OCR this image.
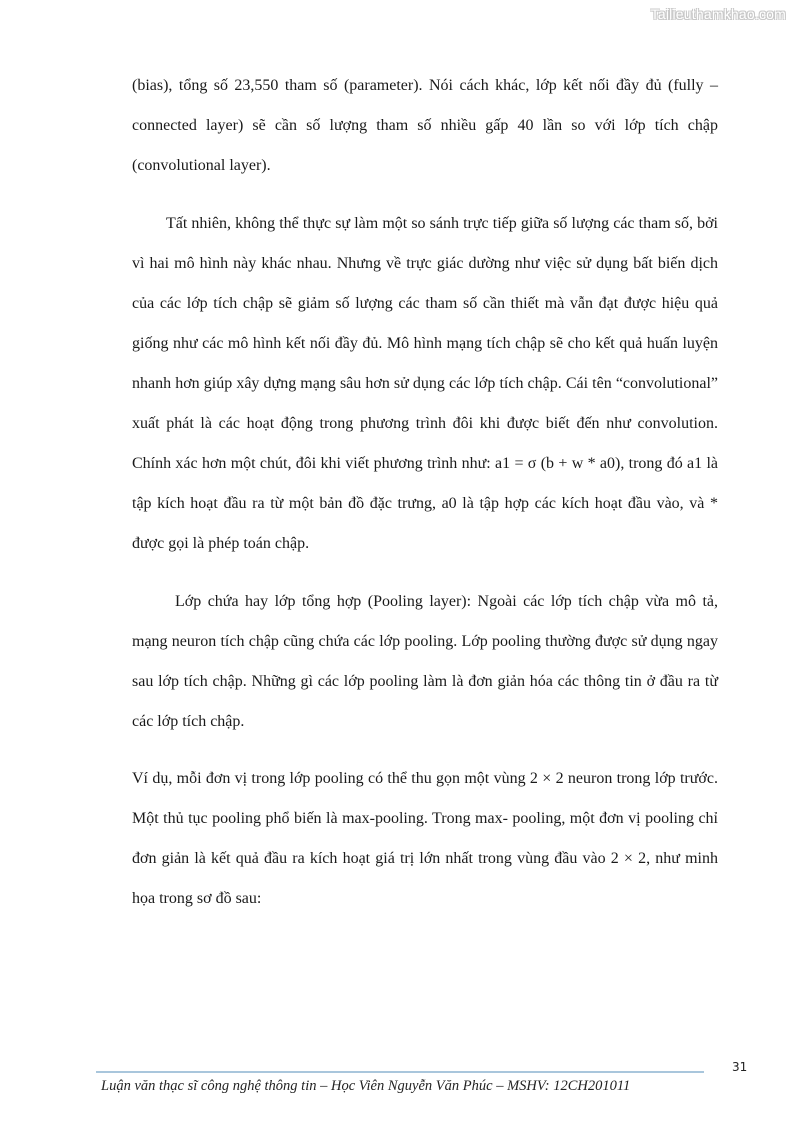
Tailieuthamkhao.com

(bias), tổng số 23,550 tham số (parameter). Nói cách khác, lớp kết nối đầy đủ (fully – connected layer) sẽ cần số lượng tham số nhiều gấp 40 lần so với lớp tích chập (convolutional layer).

Tất nhiên, không thể thực sự làm một so sánh trực tiếp giữa số lượng các tham số, bởi vì hai mô hình này khác nhau. Nhưng về trực giác dường như việc sử dụng bất biến dịch của các lớp tích chập sẽ giảm số lượng các tham số cần thiết mà vẫn đạt được hiệu quả giống như các mô hình kết nối đầy đủ. Mô hình mạng tích chập sẽ cho kết quả huấn luyện nhanh hơn giúp xây dựng mạng sâu hơn sử dụng các lớp tích chập. Cái tên “convolutional” xuất phát là các hoạt động trong phương trình đôi khi được biết đến như convolution. Chính xác hơn một chút, đôi khi viết phương trình như: a1 = σ (b + w * a0), trong đó a1 là tập kích hoạt đầu ra từ một bản đồ đặc trưng, a0 là tập hợp các kích hoạt đầu vào, và * được gọi là phép toán chập.

Lớp chứa hay lớp tổng hợp (Pooling layer): Ngoài các lớp tích chập vừa mô tả, mạng neuron tích chập cũng chứa các lớp pooling. Lớp pooling thường được sử dụng ngay sau lớp tích chập. Những gì các lớp pooling làm là đơn giản hóa các thông tin ở đầu ra từ các lớp tích chập.

Ví dụ, mỗi đơn vị trong lớp pooling có thể thu gọn một vùng 2 × 2 neuron trong lớp trước. Một thủ tục pooling phổ biến là max-pooling. Trong max- pooling, một đơn vị pooling chỉ đơn giản là kết quả đầu ra kích hoạt giá trị lớn nhất trong vùng đầu vào 2 × 2, như minh họa trong sơ đồ sau:

31
Luận văn thạc sĩ công nghệ thông tin – Học Viên Nguyễn Văn Phúc – MSHV: 12CH201011
